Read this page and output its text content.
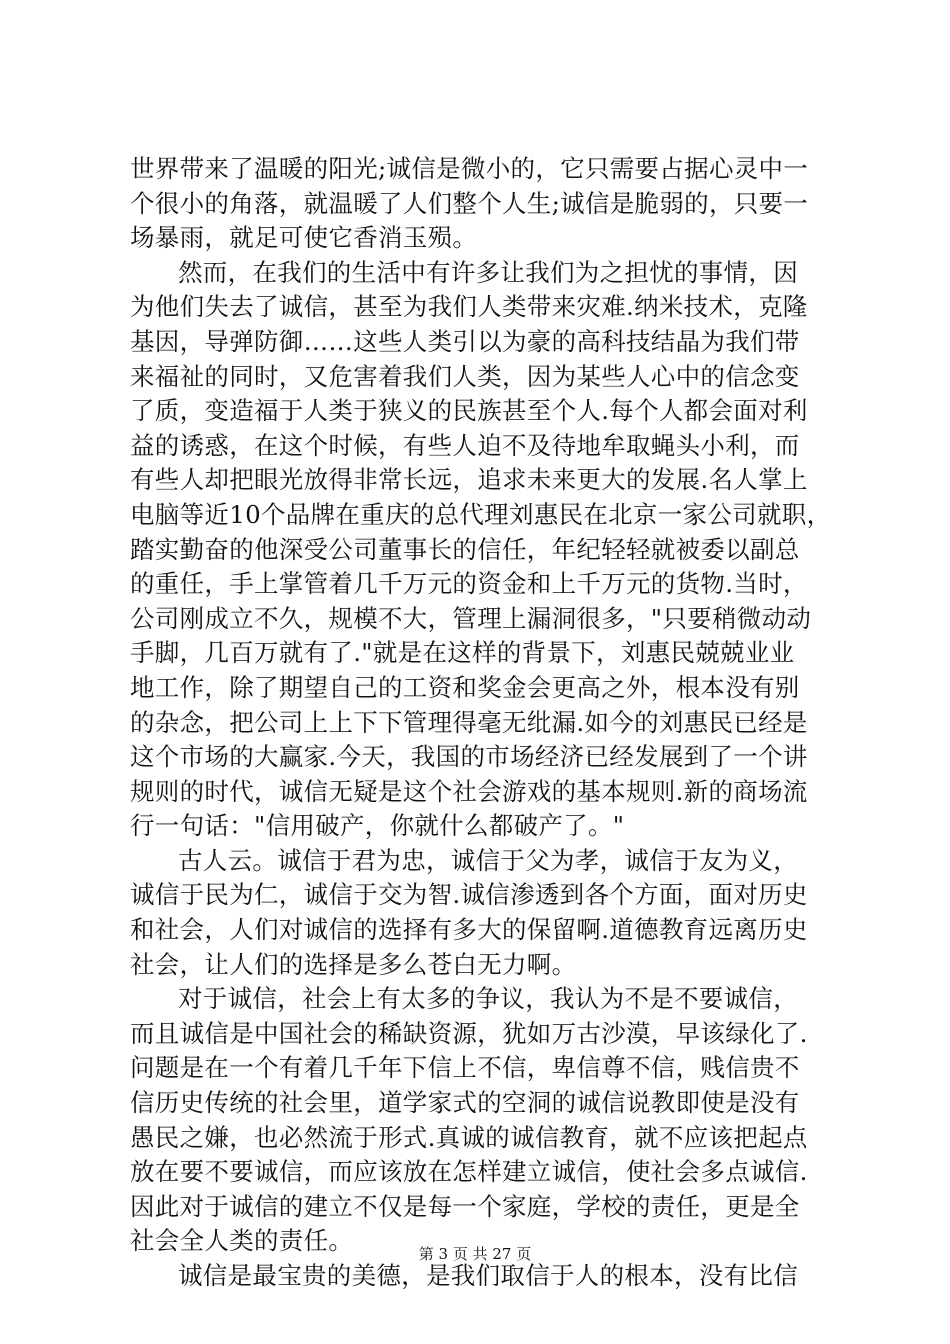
世界带来了温暖的阳光;诚信是微小的，它只需要占据心灵中一
个很小的角落，就温暖了人们整个人生;诚信是脆弱的，只要一
场暴雨，就足可使它香消玉殒。
然而，在我们的生活中有许多让我们为之担忧的事情，因
为他们失去了诚信，甚至为我们人类带来灾难.纳米技术，克隆
基因，导弹防御……这些人类引以为豪的高科技结晶为我们带
来福祉的同时，又危害着我们人类，因为某些人心中的信念变
了质，变造福于人类于狭义的民族甚至个人.每个人都会面对利
益的诱惑，在这个时候，有些人迫不及待地牟取蝇头小利，而
有些人却把眼光放得非常长远，追求未来更大的发展.名人掌上
电脑等近10个品牌在重庆的总代理刘惠民在北京一家公司就职，
踏实勤奋的他深受公司董事长的信任，年纪轻轻就被委以副总
的重任，手上掌管着几千万元的资金和上千万元的货物.当时，
公司刚成立不久，规模不大，管理上漏洞很多，"只要稍微动动
手脚，几百万就有了."就是在这样的背景下，刘惠民兢兢业业
地工作，除了期望自己的工资和奖金会更高之外，根本没有别
的杂念，把公司上上下下管理得毫无纰漏.如今的刘惠民已经是
这个市场的大赢家.今天，我国的市场经济已经发展到了一个讲
规则的时代，诚信无疑是这个社会游戏的基本规则.新的商场流
行一句话："信用破产，你就什么都破产了。"
古人云。诚信于君为忠，诚信于父为孝，诚信于友为义，
诚信于民为仁，诚信于交为智.诚信渗透到各个方面，面对历史
和社会，人们对诚信的选择有多大的保留啊.道德教育远离历史
社会，让人们的选择是多么苍白无力啊。
对于诚信，社会上有太多的争议，我认为不是不要诚信，
而且诚信是中国社会的稀缺资源，犹如万古沙漠，早该绿化了.
问题是在一个有着几千年下信上不信，卑信尊不信，贱信贵不
信历史传统的社会里，道学家式的空洞的诚信说教即使是没有
愚民之嫌，也必然流于形式.真诚的诚信教育，就不应该把起点
放在要不要诚信，而应该放在怎样建立诚信，使社会多点诚信.
因此对于诚信的建立不仅是每一个家庭，学校的责任，更是全
社会全人类的责任。
诚信是最宝贵的美德，是我们取信于人的根本，没有比信
第 3 页 共 27 页
